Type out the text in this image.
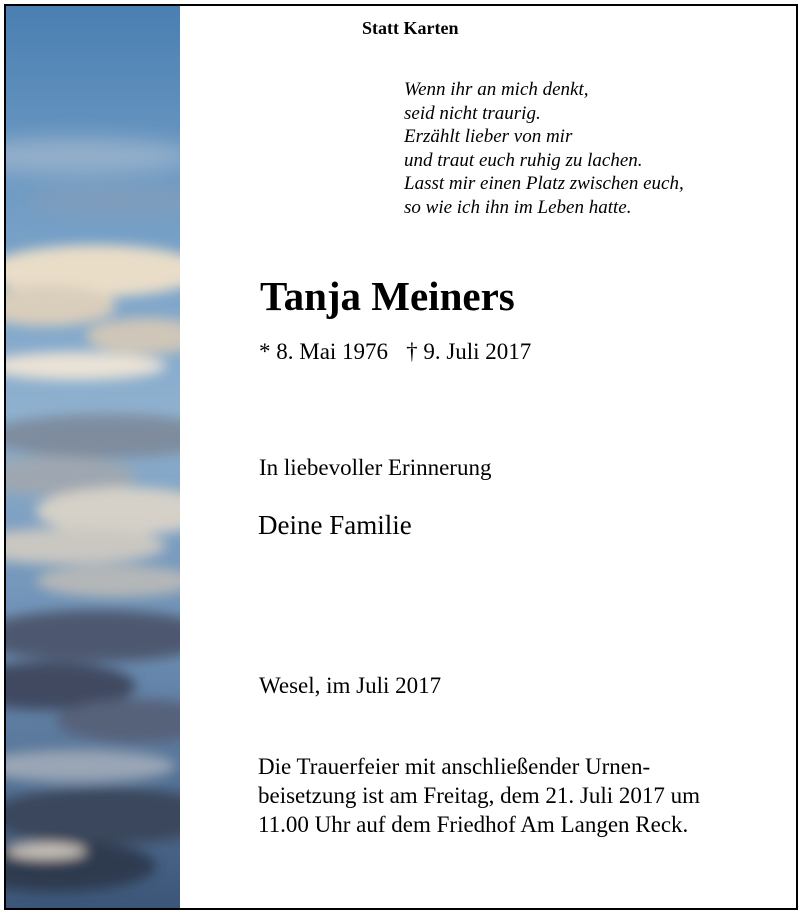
Statt Karten

Wenn ihr an mich denkt,
seid nicht traurig.
Erzählt lieber von mir
und traut euch ruhig zu lachen.
Lasst mir einen Platz zwischen euch,
so wie ich ihn im Leben hatte.
Tanja Meiners

* 8. Mai 1976 † 9. Juli 2017

In liebevoller Erinnerung

Deine Familie

Wesel, im Juli 2017

Die Trauerfeier mit anschließender Urnen-
beisetzung ist am Freitag, dem 21. Juli 2017 um
11.00 Uhr auf dem Friedhof Am Langen Reck.
